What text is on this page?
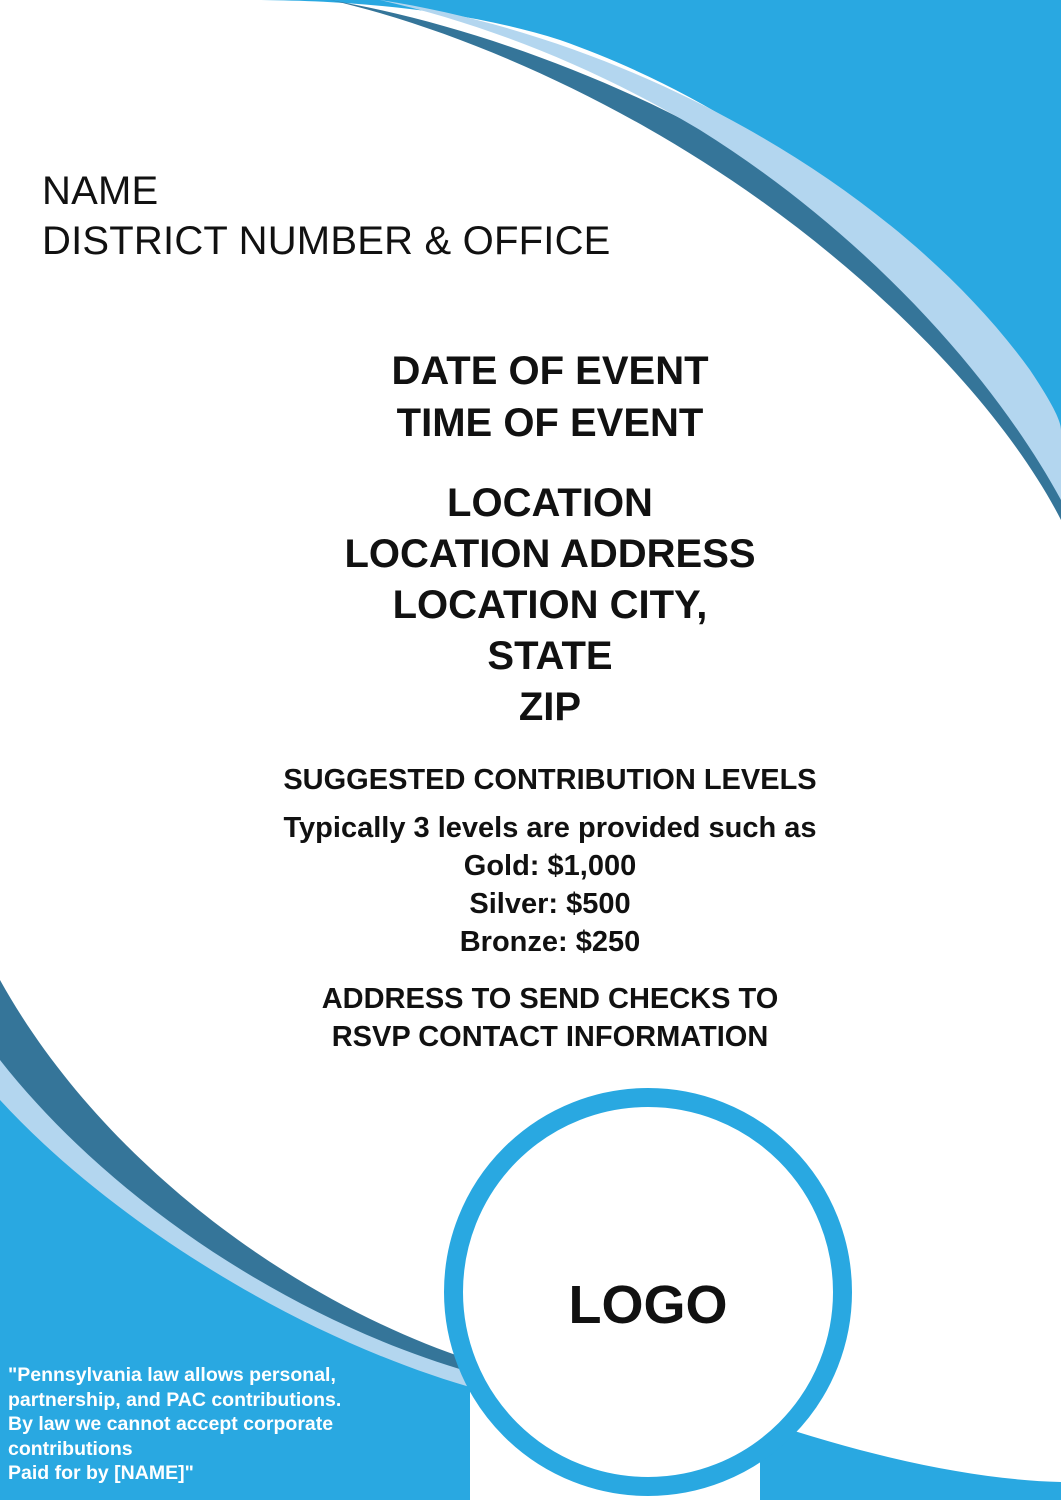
NAME
DISTRICT NUMBER & OFFICE
DATE OF EVENT
TIME OF EVENT
LOCATION
LOCATION ADDRESS
LOCATION CITY,
STATE
ZIP
SUGGESTED CONTRIBUTION LEVELS
Typically 3 levels are provided such as
Gold: $1,000
Silver: $500
Bronze: $250
ADDRESS TO SEND CHECKS TO
RSVP CONTACT INFORMATION
LOGO
"Pennsylvania law allows personal,
partnership, and PAC contributions.
By law we cannot accept corporate
contributions
Paid for by [NAME]"
